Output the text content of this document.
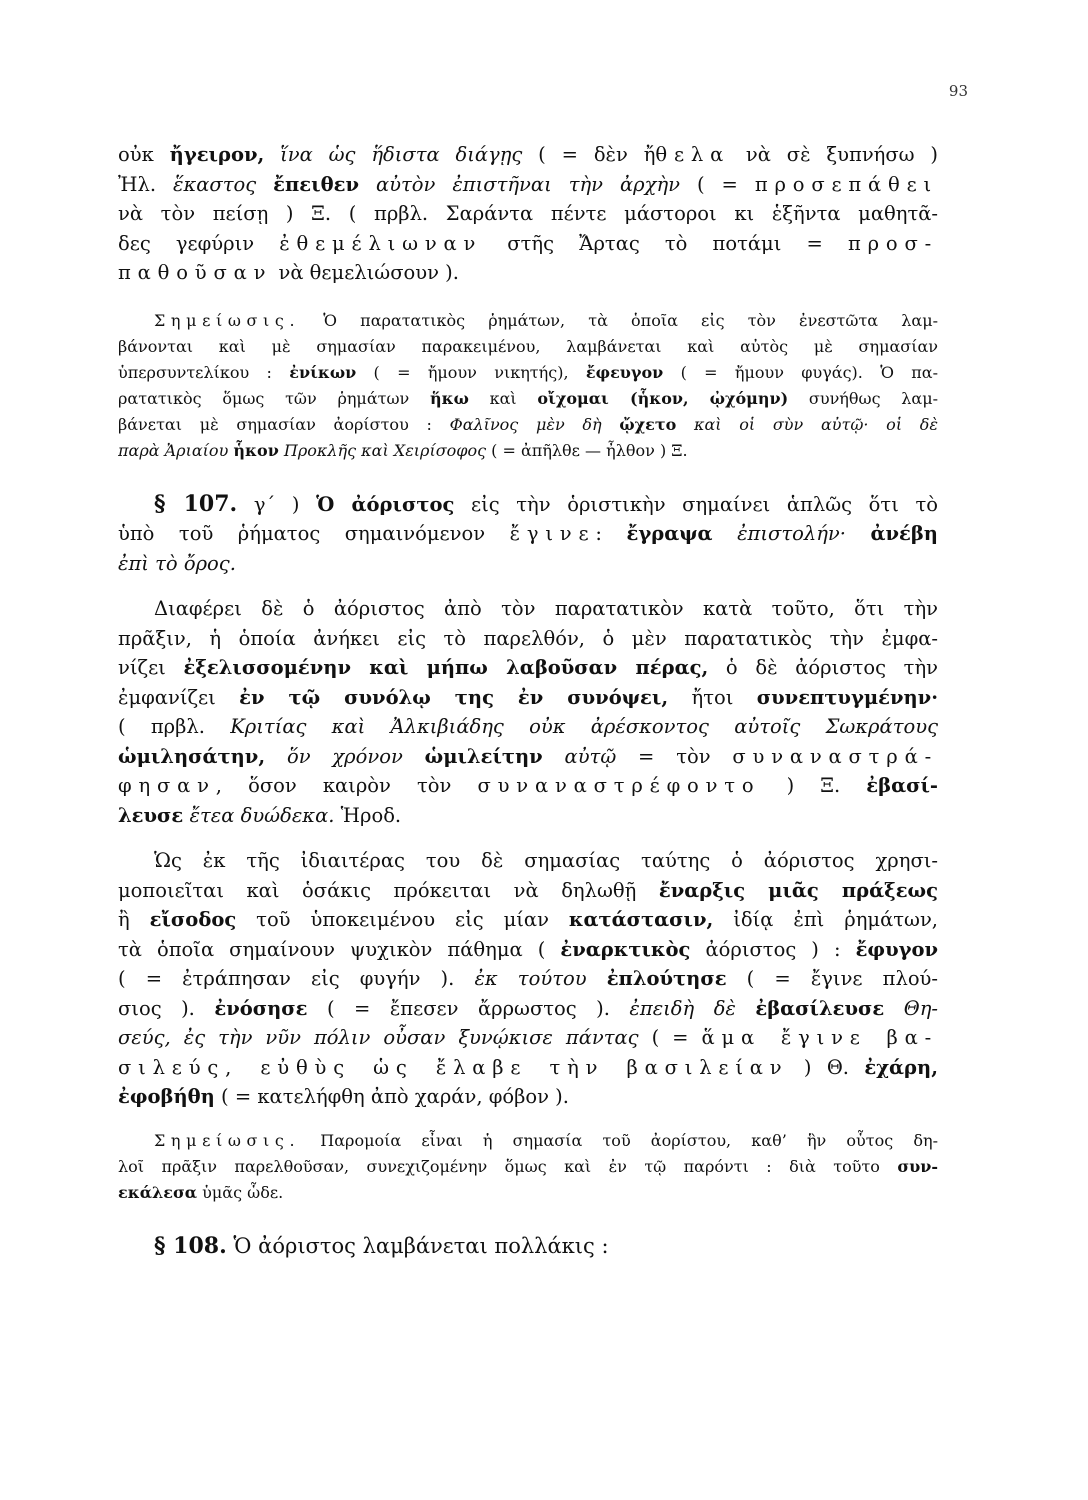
93
οὐκ ἤγειρον, ἵνα ὡς ἥδιστα διάγῃς ( = δὲν ἤθελα νὰ σὲ ξυπνήσω )
Ἠλ. ἕκαστος ἔπειθεν αὐτὸν ἐπιστῆναι τὴν ἀρχὴν ( = προσεπάθει
νὰ τὸν πείσῃ ) Ξ. ( πρβλ. Σαράντα πέντε μάστοροι κι ἑξῆντα μαθητᾶ-
δες γεφύριν ἐθεμέλιωναν στῆς Ἄρτας τὸ ποτάμι = προσ-
παθοῦσαν νὰ θεμελιώσουν ).
Σημείωσις. Ὁ παρατατικὸς ῥημάτων, τὰ ὁποῖα εἰς τὸν ἐνεστῶτα λαμ-
βάνονται καὶ μὲ σημασίαν παρακειμένου, λαμβάνεται καὶ αὐτὸς μὲ σημασίαν
ὑπερσυντελίκου : ἐνίκων ( = ἤμουν νικητής), ἔφευγον ( = ἤμουν φυγάς). Ὁ πα-
ρατατικὸς ὅμως τῶν ῥημάτων ἥκω καὶ οἴχομαι (ἧκον, ᾠχόμην) συνήθως λαμ-
βάνεται μὲ σημασίαν ἀορίστου : Φαλῖνος μὲν δὴ ᾤχετο καὶ οἱ σὺν αὐτῷ· οἱ δὲ
παρὰ Ἀριαίου ἧκον Προκλῆς καὶ Χειρίσοφος ( = ἀπῆλθε — ἦλθον ) Ξ.
§ 107. γ΄ ) Ὁ ἀόριστος εἰς τὴν ὁριστικὴν σημαίνει ἁπλῶς ὅτι τὸ
ὑπὸ τοῦ ῥήματος σημαινόμενον ἔγινε: ἔγραψα ἐπιστολήν· ἀνέβη
ἐπὶ τὸ ὄρος.
Διαφέρει δὲ ὁ ἀόριστος ἀπὸ τὸν παρατατικὸν κατὰ τοῦτο, ὅτι τὴν
πρᾶξιν, ἡ ὁποία ἀνήκει εἰς τὸ παρελθόν, ὁ μὲν παρατατικὸς τὴν ἐμφα-
νίζει ἐξελισσομένην καὶ μήπω λαβοῦσαν πέρας, ὁ δὲ ἀόριστος τὴν
ἐμφανίζει ἐν τῷ συνόλῳ της ἐν συνόψει, ἤτοι συνεπτυγμένην·
( πρβλ. Κριτίας καὶ Ἀλκιβιάδης οὐκ ἀρέσκοντος αὐτοῖς Σωκράτους
ὡμιλησάτην, ὅν χρόνον ὡμιλείτην αὐτῷ = τὸν συναναστρά-
φησαν, ὅσον καιρὸν τὸν συναναστρέφοντο ) Ξ. ἐβασί-
λευσε ἔτεα δυώδεκα. Ἡροδ.
Ὡς ἐκ τῆς ἰδιαιτέρας του δὲ σημασίας ταύτης ὁ ἀόριστος χρησι-
μοποιεῖται καὶ ὁσάκις πρόκειται νὰ δηλωθῇ ἔναρξις μιᾶς πράξεως
ἢ εἴσοδος τοῦ ὑποκειμένου εἰς μίαν κατάστασιν, ἰδίᾳ ἐπὶ ῥημάτων,
τὰ ὁποῖα σημαίνουν ψυχικὸν πάθημα ( ἐναρκτικὸς ἀόριστος ) : ἔφυγον
( = ἐτράπησαν εἰς φυγήν ). ἐκ τούτου ἐπλούτησε ( = ἔγινε πλού-
σιος ). ἐνόσησε ( = ἔπεσεν ἄρρωστος ). ἐπειδὴ δὲ ἐβασίλευσε Θη-
σεύς, ἐς τὴν νῦν πόλιν οὖσαν ξυνῴκισε πάντας ( = ἅμα ἔγινε βα-
σιλεύς, εὐθὺς ὡς ἔλαβε τὴν βασιλείαν ) Θ. ἐχάρη,
ἐφοβήθη ( = κατελήφθη ἀπὸ χαράν, φόβον ).
Σημείωσις. Παρομοία εἶναι ἡ σημασία τοῦ ἀορίστου, καθ’ ἣν οὗτος δη-
λοῖ πρᾶξιν παρελθοῦσαν, συνεχιζομένην ὅμως καὶ ἐν τῷ παρόντι : διὰ τοῦτο συν-
εκάλεσα ὑμᾶς ὧδε.
§ 108. Ὁ ἀόριστος λαμβάνεται πολλάκις :
